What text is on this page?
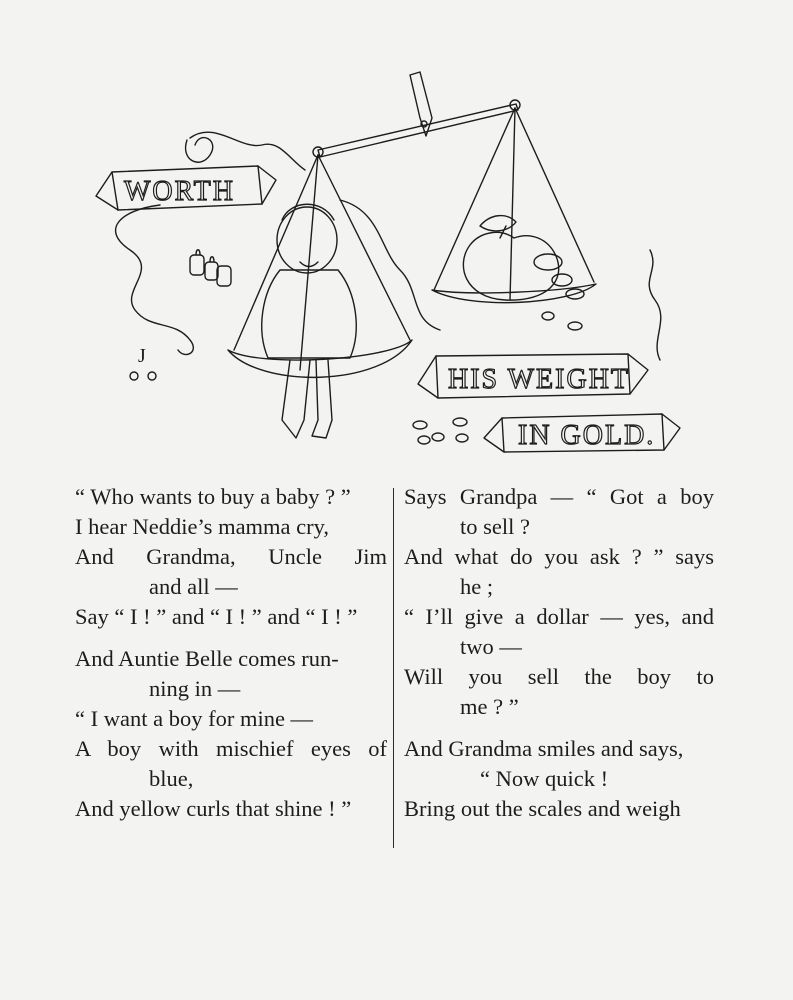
WORTH
HIS WEIGHT
IN GOLD.
J
“ Who wants to buy a baby ? ”
I hear Neddie’s mamma cry,
And Grandma, Uncle Jim
and all —
Say “ I ! ” and “ I ! ” and “ I ! ”
And Auntie Belle comes run-
ning in —
“ I want a boy for mine —
A boy with mischief eyes of
blue,
And yellow curls that shine ! ”
Says Grandpa — “ Got a boy
to sell ?
And what do you ask ? ” says
he ;
“ I’ll give a dollar — yes, and
two —
Will you sell the boy to
me ? ”
And Grandma smiles and says,
“ Now quick !
Bring out the scales and weigh
